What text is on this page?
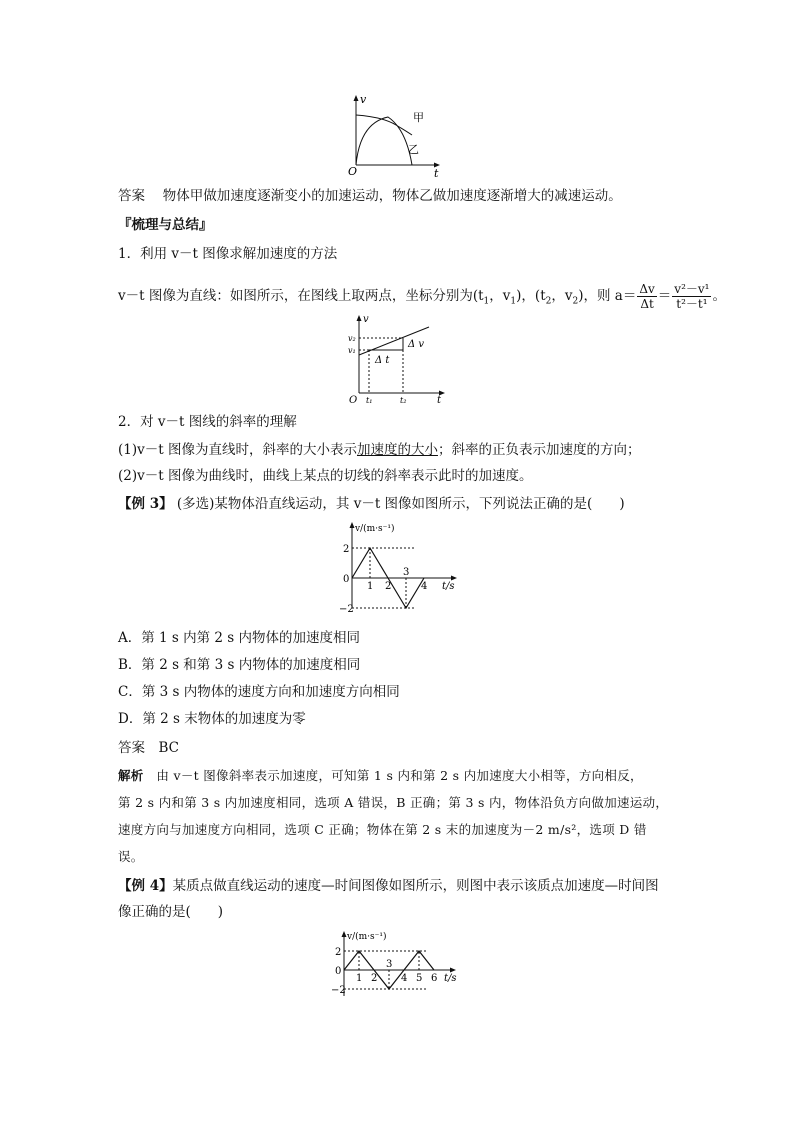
v
t
O
甲
乙
答案　 物体甲做加速度逐渐变小的加速运动，物体乙做加速度逐渐增大的减速运动。
『梳理与总结』
1．利用 v－t 图像求解加速度的方法
v－t 图像为直线：如图所示，在图线上取两点，坐标分别为($t_1$，$v_1$)，($t_2$，$v_2$)，则 $a= \frac{\Delta v}{\Delta t} = \frac{\text{v²－v¹}}{\text{t²－t¹}}$ 。
v
v₂
v₁
Δ v
Δ t
O t₁	t₂	t
2．对 v－t 图线的斜率的理解
(1)v－t 图像为直线时，斜率的大小表示加速度的大小；斜率的正负表示加速度的方向；
(2)v－t 图像为曲线时，曲线上某点的切线的斜率表示此时的加速度。
【例 3】 (多选)某物体沿直线运动，其 v－t 图像如图所示，下列说法正确的是(　　)
1 2
3
4
2
0
−2
v/(m·s⁻¹)
t/s
A．第 1 s 内第 2 s 内物体的加速度相同
B．第 2 s 和第 3 s 内物体的加速度相同
C．第 3 s 内物体的速度方向和加速度方向相同
D．第 2 s 末物体的加速度为零
答案　 BC
解析　 由 v－t 图像斜率表示加速度，可知第 1 s 内和第 2 s 内加速度大小相等，方向相反，
第 2 s 内和第 3 s 内加速度相同，选项 A 错误，B 正确；第 3 s 内，物体沿负方向做加速运动，
速度方向与加速度方向相同，选项 C 正确；物体在第 2 s 末的加速度为－2 m/s²，选项 D 错
误。
【例 4】某质点做直线运动的速度—时间图像如图所示，则图中表示该质点加速度—时间图
像正确的是(　　)
1 2
3
4 5 6
2
0
−2
v/(m·s⁻¹)
t/s
